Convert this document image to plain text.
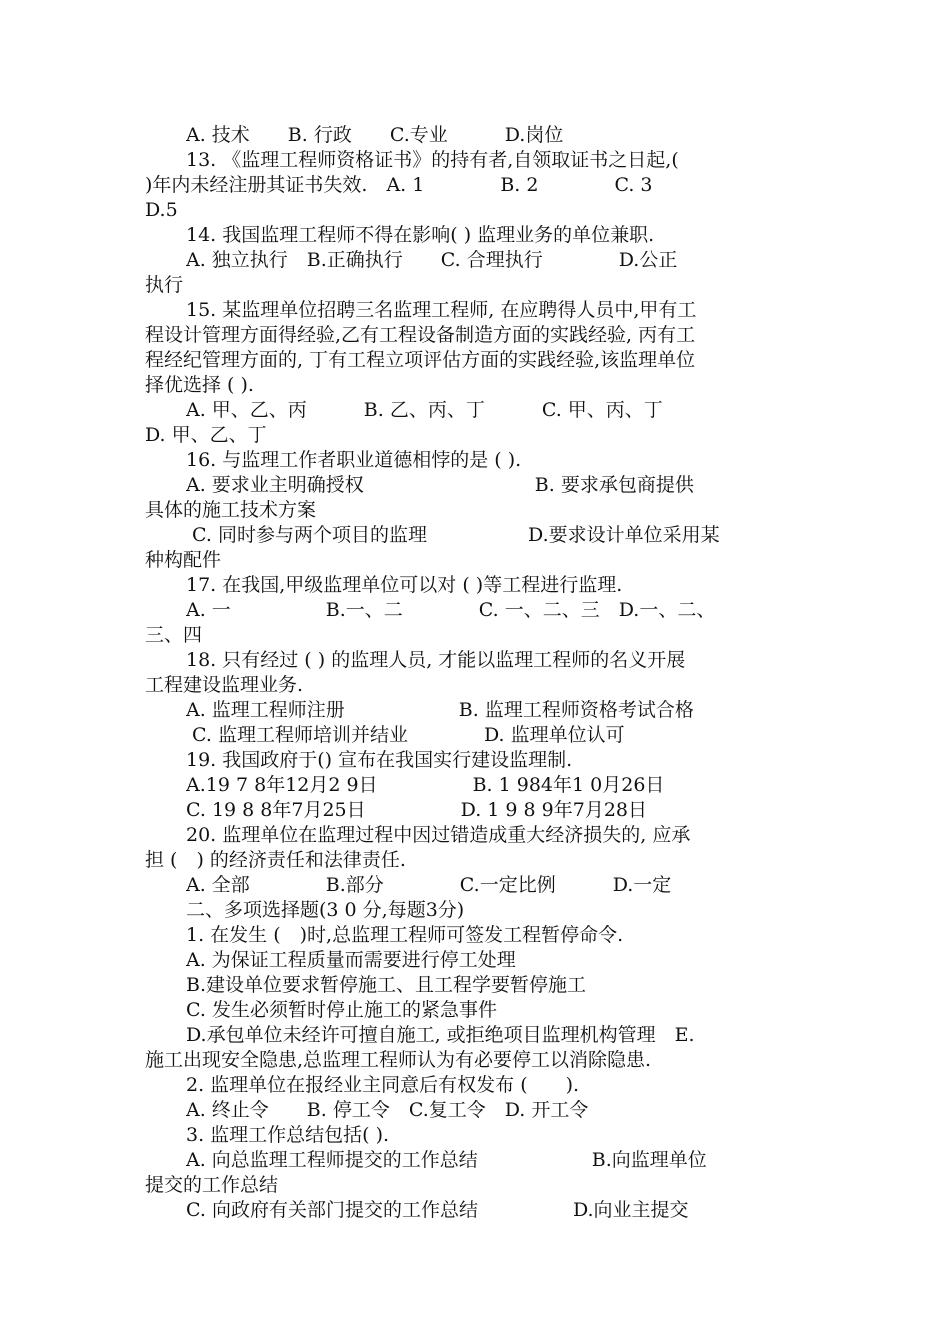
A. 技术　　B. 行政　　C.专业　　　D.岗位
13. 《监理工程师资格证书》的持有者,自领取证书之日起,(
)年内未经注册其证书失效.　A. 1　　　　B. 2　　　　C. 3
D.5
14. 我国监理工程师不得在影响( ) 监理业务的单位兼职.
A. 独立执行　B.正确执行　　C. 合理执行　　　　D.公正
执行
15. 某监理单位招聘三名监理工程师, 在应聘得人员中,甲有工
程设计管理方面得经验,乙有工程设备制造方面的实践经验, 丙有工
程经纪管理方面的, 丁有工程立项评估方面的实践经验,该监理单位
择优选择 ( ).
A. 甲、乙、丙　　　B. 乙、丙、丁　　　C. 甲、丙、丁
D. 甲、乙、丁
16. 与监理工作者职业道德相悖的是 ( ).
A. 要求业主明确授权　　　　　　　　　B. 要求承包商提供
具体的施工技术方案
C. 同时参与两个项目的监理　　　　　 D.要求设计单位采用某
种构配件
17. 在我国,甲级监理单位可以对 ( )等工程进行监理.
A. 一　　　　　B.一、二　　　　C. 一、二、三　D.一、二、
三、四
18. 只有经过 ( ) 的监理人员, 才能以监理工程师的名义开展
工程建设监理业务.
A. 监理工程师注册　　　　　　B. 监理工程师资格考试合格
C. 监理工程师培训并结业　　　　D. 监理单位认可
19. 我国政府于() 宣布在我国实行建设监理制.
A.19 7 8年12月2 9日　　　　　B. 1 984年1 0月26日
C. 19 8 8年7月25日　　　　　D. 1 9 8 9年7月28日
20. 监理单位在监理过程中因过错造成重大经济损失的, 应承
担 (　) 的经济责任和法律责任.
A. 全部　　　　B.部分　　　　C.一定比例　　　D.一定
二、多项选择题(3 0 分,每题3分)
1. 在发生 (　)时,总监理工程师可签发工程暂停命令.
A. 为保证工程质量而需要进行停工处理
B.建设单位要求暂停施工、且工程学要暂停施工
C. 发生必须暂时停止施工的紧急事件
D.承包单位未经许可擅自施工, 或拒绝项目监理机构管理　E.
施工出现安全隐患,总监理工程师认为有必要停工以消除隐患.
2. 监理单位在报经业主同意后有权发布 (　　).
A. 终止令　　B. 停工令　C.复工令　D. 开工令
3. 监理工作总结包括( ).
A. 向总监理工程师提交的工作总结　　　　　　B.向监理单位
提交的工作总结
C. 向政府有关部门提交的工作总结　　　　　D.向业主提交
